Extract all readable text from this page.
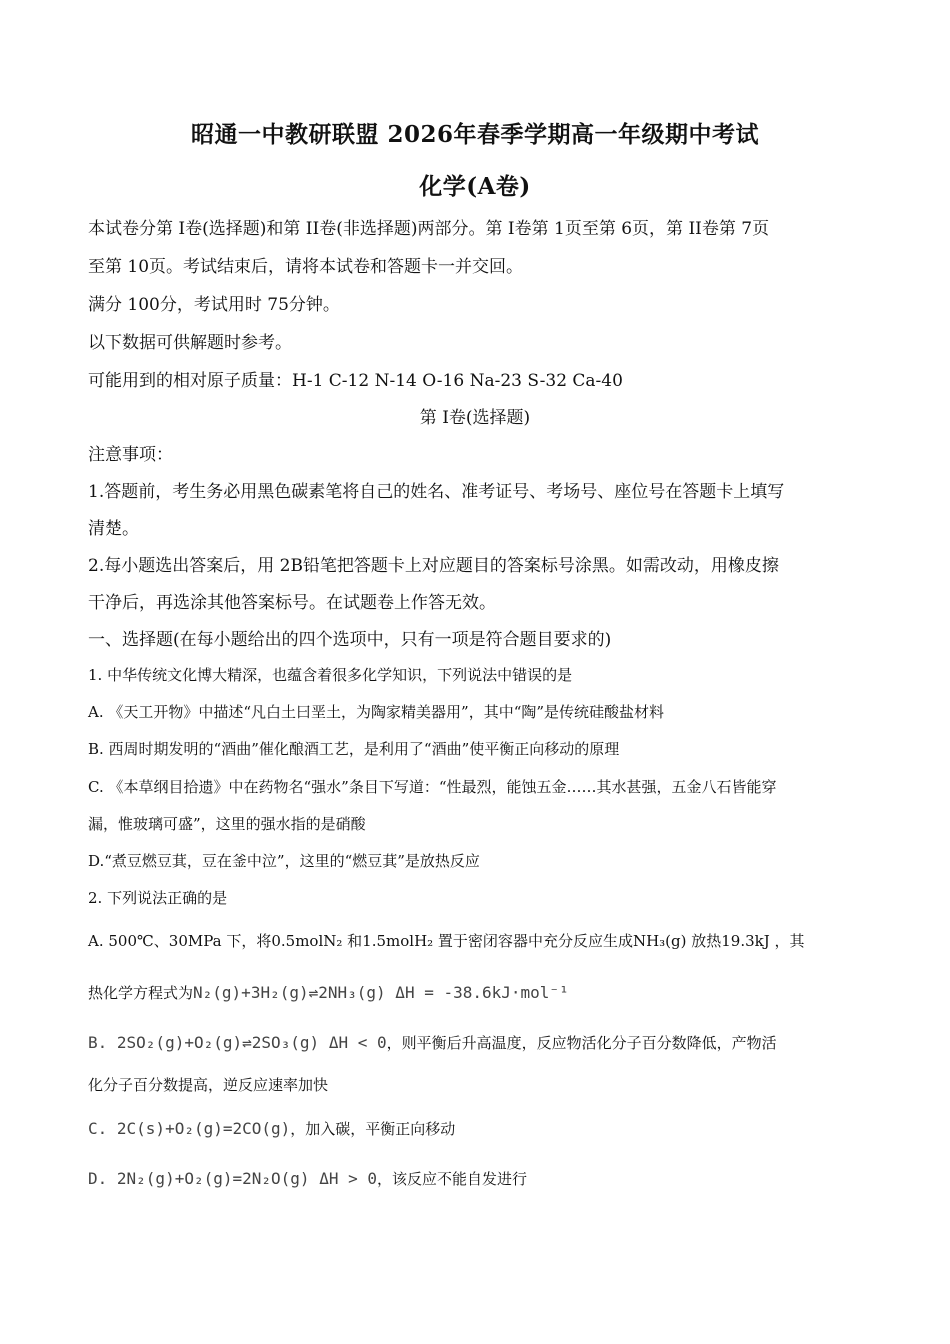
昭通一中教研联盟 2026年春季学期高一年级期中考试
化学(A卷)
本试卷分第 I卷(选择题)和第 II卷(非选择题)两部分。第 I卷第 1页至第 6页，第 II卷第 7页
至第 10页。考试结束后，请将本试卷和答题卡一并交回。
满分 100分，考试用时 75分钟。
以下数据可供解题时参考。
可能用到的相对原子质量：H-1 C-12 N-14 O-16 Na-23 S-32 Ca-40
第 I卷(选择题)
注意事项：
1.答题前，考生务必用黑色碳素笔将自己的姓名、准考证号、考场号、座位号在答题卡上填写
清楚。
2.每小题选出答案后，用 2B铅笔把答题卡上对应题目的答案标号涂黑。如需改动，用橡皮擦
干净后，再选涂其他答案标号。在试题卷上作答无效。
一、选择题(在每小题给出的四个选项中，只有一项是符合题目要求的)
1. 中华传统文化博大精深，也蕴含着很多化学知识，下列说法中错误的是
A. 《天工开物》中描述“凡白土曰垩土，为陶家精美器用”，其中“陶”是传统硅酸盐材料
B. 西周时期发明的“酒曲”催化酿酒工艺，是利用了“酒曲”使平衡正向移动的原理
C. 《本草纲目拾遗》中在药物名“强水”条目下写道：“性最烈，能蚀五金……其水甚强，五金八石皆能穿
漏，惟玻璃可盛”，这里的强水指的是硝酸
D.“煮豆燃豆萁，豆在釜中泣”，这里的“燃豆萁”是放热反应
2. 下列说法正确的是
A. 500℃、30MPa 下，将0.5molN₂ 和1.5molH₂ 置于密闭容器中充分反应生成NH₃(g) 放热19.3kJ ，其
热化学方程式为N₂(g)+3H₂(g)⇌2NH₃(g) ΔH = -38.6kJ·mol⁻¹
B. 2SO₂(g)+O₂(g)⇌2SO₃(g) ΔH < 0，则平衡后升高温度，反应物活化分子百分数降低，产物活
化分子百分数提高，逆反应速率加快
C. 2C(s)+O₂(g)=2CO(g)，加入碳，平衡正向移动
D. 2N₂(g)+O₂(g)=2N₂O(g) ΔH > 0，该反应不能自发进行
